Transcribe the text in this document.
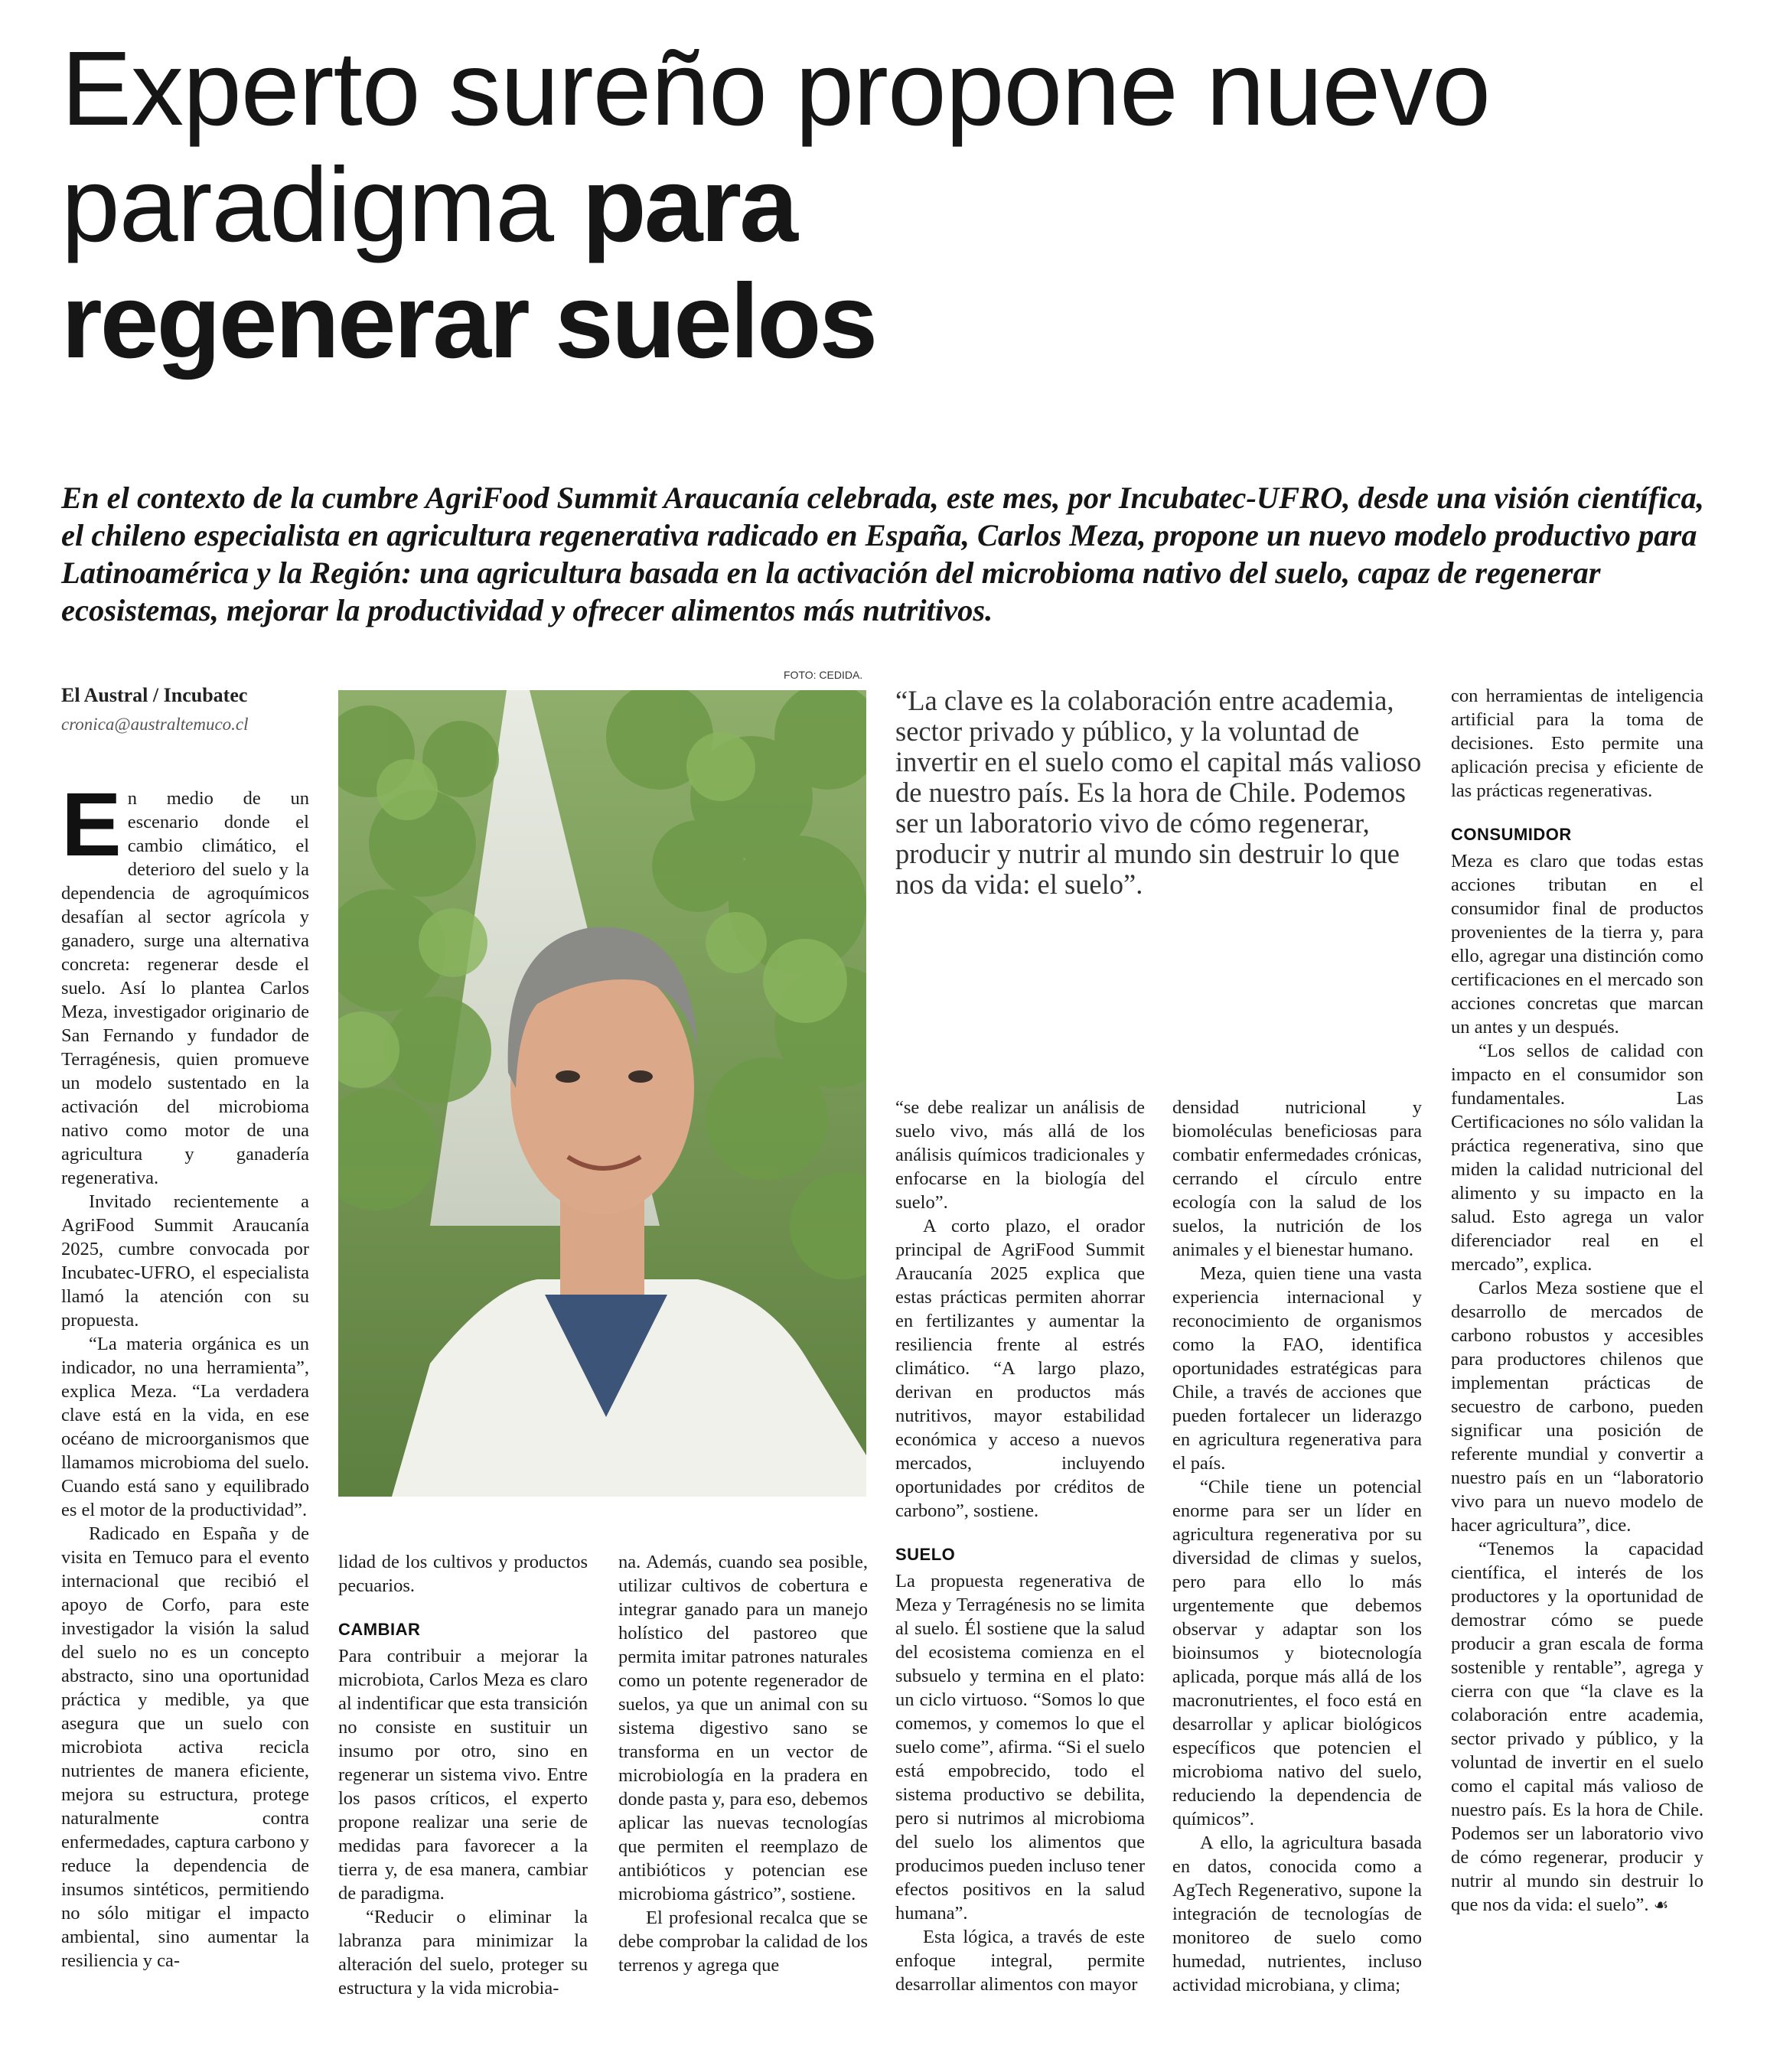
Experto sureño propone nuevo paradigma para
regenerar suelos
En el contexto de la cumbre AgriFood Summit Araucanía celebrada, este mes, por Incubatec-UFRO, desde una visión científica, el chileno especialista en agricultura regenerativa radicado en España, Carlos Meza, propone un nuevo modelo productivo para Latinoamérica y la Región: una agricultura basada en la activación del microbioma nativo del suelo, capaz de regenerar ecosistemas, mejorar la productividad y ofrecer alimentos más nutritivos.
El Austral / Incubatec
cronica@australtemuco.cl
FOTO: CEDIDA.
“La clave es la colaboración entre academia, sector privado y público, y la voluntad de invertir en el suelo como el capital más valioso de nuestro país. Es la hora de Chile. Podemos ser un laboratorio vivo de cómo regenerar, producir y nutrir al mundo sin destruir lo que nos da vida: el suelo”.

En medio de un escenario donde el cambio climático, el deterioro del suelo y la dependencia de agroquímicos desafían al sector agrícola y ganadero, surge una alternativa concreta: regenerar desde el suelo. Así lo plantea Carlos Meza, investigador originario de San Fernando y fundador de Terragénesis, quien promueve un modelo sustentado en la activación del microbioma nativo como motor de una agricultura y ganadería regenerativa.

Invitado recientemente a AgriFood Summit Araucanía 2025, cumbre convocada por Incubatec-UFRO, el especialista llamó la atención con su propuesta.

“La materia orgánica es un indicador, no una herramienta”, explica Meza. “La verdadera clave está en la vida, en ese océano de microorganismos que llamamos microbioma del suelo. Cuando está sano y equilibrado es el motor de la productividad”.

Radicado en España y de visita en Temuco para el evento internacional que recibió el apoyo de Corfo, para este investigador la visión la salud del suelo no es un concepto abstracto, sino una oportunidad práctica y medible, ya que asegura que un suelo con microbiota activa recicla nutrientes de manera eficiente, mejora su estructura, protege naturalmente contra enfermedades, captura carbono y reduce la dependencia de insumos sintéticos, permitiendo no sólo mitigar el impacto ambiental, sino aumentar la resiliencia y ca-

lidad de los cultivos y productos pecuarios.

CAMBIAR

Para contribuir a mejorar la microbiota, Carlos Meza es claro al indentificar que esta transición no consiste en sustituir un insumo por otro, sino en regenerar un sistema vivo. Entre los pasos críticos, el experto propone realizar una serie de medidas para favorecer a la tierra y, de esa manera, cambiar de paradigma.

“Reducir o eliminar la labranza para minimizar la alteración del suelo, proteger su estructura y la vida microbia-

na. Además, cuando sea posible, utilizar cultivos de cobertura e integrar ganado para un manejo holístico del pastoreo que permita imitar patrones naturales como un potente regenerador de suelos, ya que un animal con su sistema digestivo sano se transforma en un vector de microbiología en la pradera en donde pasta y, para eso, debemos aplicar las nuevas tecnologías que permiten el reemplazo de antibióticos y potencian ese microbioma gástrico”, sostiene.

El profesional recalca que se debe comprobar la calidad de los terrenos y agrega que

“se debe realizar un análisis de suelo vivo, más allá de los análisis químicos tradicionales y enfocarse en la biología del suelo”.

A corto plazo, el orador principal de AgriFood Summit Araucanía 2025 explica que estas prácticas permiten ahorrar en fertilizantes y aumentar la resiliencia frente al estrés climático. “A largo plazo, derivan en productos más nutritivos, mayor estabilidad económica y acceso a nuevos mercados, incluyendo oportunidades por créditos de carbono”, sostiene.

SUELO

La propuesta regenerativa de Meza y Terragénesis no se limita al suelo. Él sostiene que la salud del ecosistema comienza en el subsuelo y termina en el plato: un ciclo virtuoso. “Somos lo que comemos, y comemos lo que el suelo come”, afirma. “Si el suelo está empobrecido, todo el sistema productivo se debilita, pero si nutrimos al microbioma del suelo los alimentos que producimos pueden incluso tener efectos positivos en la salud humana”.

Esta lógica, a través de este enfoque integral, permite desarrollar alimentos con mayor

densidad nutricional y biomoléculas beneficiosas para combatir enfermedades crónicas, cerrando el círculo entre ecología con la salud de los suelos, la nutrición de los animales y el bienestar humano.

Meza, quien tiene una vasta experiencia internacional y reconocimiento de organismos como la FAO, identifica oportunidades estratégicas para Chile, a través de acciones que pueden fortalecer un liderazgo en agricultura regenerativa para el país.

“Chile tiene un potencial enorme para ser un líder en agricultura regenerativa por su diversidad de climas y suelos, pero para ello lo más urgentemente que debemos observar y adaptar son los bioinsumos y biotecnología aplicada, porque más allá de los macronutrientes, el foco está en desarrollar y aplicar biológicos específicos que potencien el microbioma nativo del suelo, reduciendo la dependencia de químicos”.

A ello, la agricultura basada en datos, conocida como a AgTech Regenerativo, supone la integración de tecnologías de monitoreo de suelo como humedad, nutrientes, incluso actividad microbiana, y clima;

con herramientas de inteligencia artificial para la toma de decisiones. Esto permite una aplicación precisa y eficiente de las prácticas regenerativas.

CONSUMIDOR

Meza es claro que todas estas acciones tributan en el consumidor final de productos provenientes de la tierra y, para ello, agregar una distinción como certificaciones en el mercado son acciones concretas que marcan un antes y un después.

“Los sellos de calidad con impacto en el consumidor son fundamentales. Las Certificaciones no sólo validan la práctica regenerativa, sino que miden la calidad nutricional del alimento y su impacto en la salud. Esto agrega un valor diferenciador real en el mercado”, explica.

Carlos Meza sostiene que el desarrollo de mercados de carbono robustos y accesibles para productores chilenos que implementan prácticas de secuestro de carbono, pueden significar una posición de referente mundial y convertir a nuestro país en un “laboratorio vivo para un nuevo modelo de hacer agricultura”, dice.

“Tenemos la capacidad científica, el interés de los productores y la oportunidad de demostrar cómo se puede producir a gran escala de forma sostenible y rentable”, agrega y cierra con que “la clave es la colaboración entre academia, sector privado y público, y la voluntad de invertir en el suelo como el capital más valioso de nuestro país. Es la hora de Chile. Podemos ser un laboratorio vivo de cómo regenerar, producir y nutrir al mundo sin destruir lo que nos da vida: el suelo”. ☙
